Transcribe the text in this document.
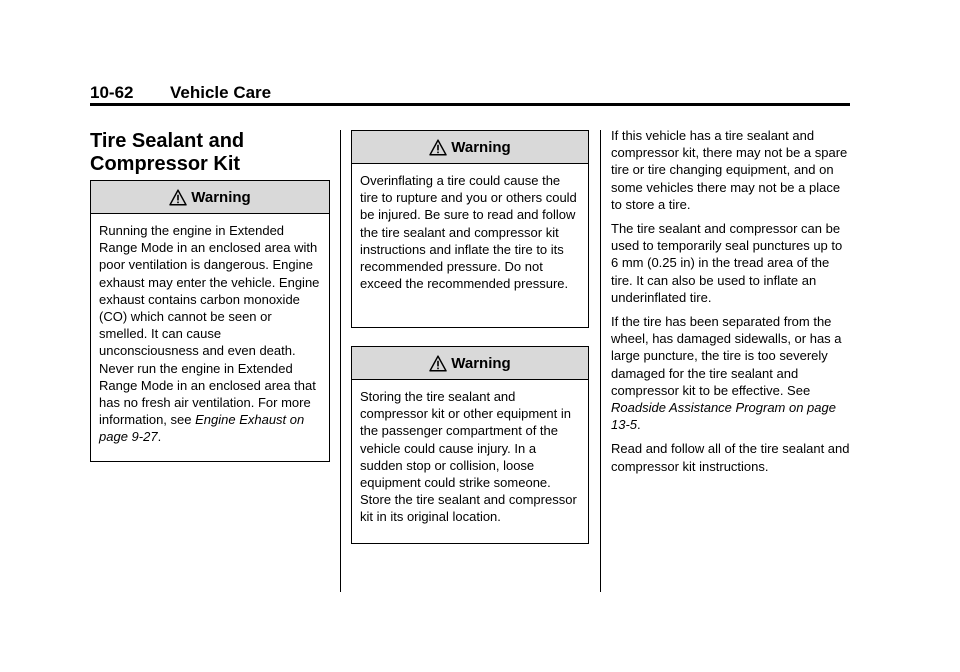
10-62 Vehicle Care
Tire Sealant and Compressor Kit
Warning
Running the engine in Extended Range Mode in an enclosed area with poor ventilation is dangerous. Engine exhaust may enter the vehicle. Engine exhaust contains carbon monoxide (CO) which cannot be seen or smelled. It can cause unconsciousness and even death. Never run the engine in Extended Range Mode in an enclosed area that has no fresh air ventilation. For more information, see Engine Exhaust on page 9-27.
Warning
Overinflating a tire could cause the tire to rupture and you or others could be injured. Be sure to read and follow the tire sealant and compressor kit instructions and inflate the tire to its recommended pressure. Do not exceed the recommended pressure.
Warning
Storing the tire sealant and compressor kit or other equipment in the passenger compartment of the vehicle could cause injury. In a sudden stop or collision, loose equipment could strike someone. Store the tire sealant and compressor kit in its original location.

If this vehicle has a tire sealant and compressor kit, there may not be a spare tire or tire changing equipment, and on some vehicles there may not be a place to store a tire.

The tire sealant and compressor can be used to temporarily seal punctures up to 6 mm (0.25 in) in the tread area of the tire. It can also be used to inflate an underinflated tire.

If the tire has been separated from the wheel, has damaged sidewalls, or has a large puncture, the tire is too severely damaged for the tire sealant and compressor kit to be effective. See Roadside Assistance Program on page 13-5.

Read and follow all of the tire sealant and compressor kit instructions.
